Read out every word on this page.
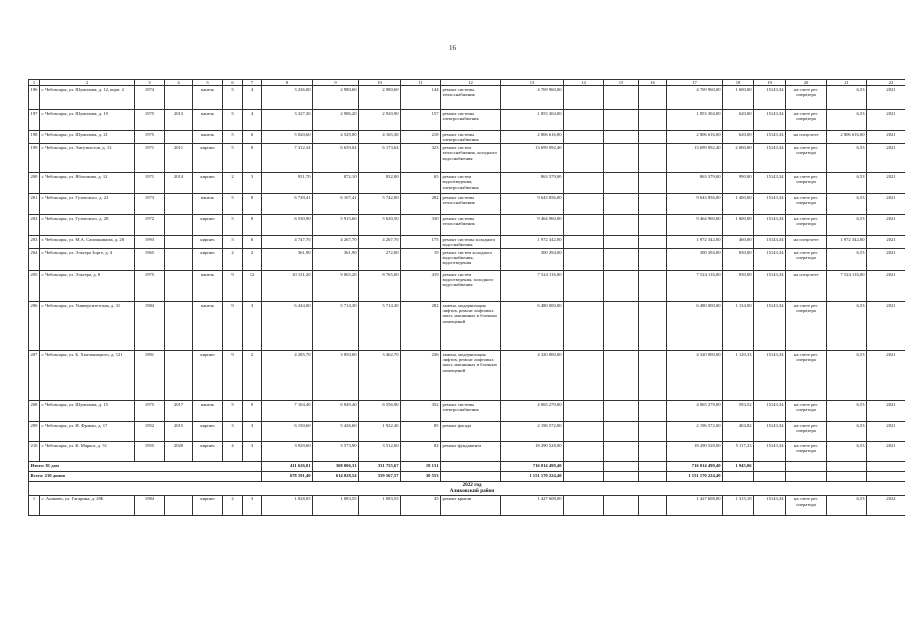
16
1	2	3	4	5	6	7	8	9	10	11	12	13	14	15	16	17	18	19	20	21	22
196	г. Чебоксары, ул. Шумилова, д. 12, корп. 2	1974		панель	5	4	3 236,00	2 980,60	2 980,60	144	ремонт системы теплоснабжения	4 769 960,00				4 769 960,00	1 600,00	15143,34	на счете рег. оператора	6,53	2021
197	г. Чебоксары, ул. Шумилова, д. 19	1975	2013	панель	5	4	3 327,30	2 986,20	2 920,90	157	ремонт системы электроснабжения	1 853 304,00				1 853 304,00	620,00	15143,34	на счете рег. оператора	6,53	2021
198	г. Чебоксары, ул. Шумилова, д. 21	1975		панель	5	6	5 020,60	4 529,00	4 165,30	218	ремонт системы электроснабжения	2 806 616,00				2 806 616,00	620,00	15143,34	на спецсчете	2 806 616,00	2021
199	г. Чебоксары, ул. Энтузиастов, д. 13	1971	2011	кирпич	5	8	7 312,34	6 659,04	6 173,64	323	ремонт систем теплоснабжения, холодного водоснабжения	13 699 092,40				13 699 092,40	2 060,00	15143,34	на счете рег. оператора	6,53	2021
200	г. Чебоксары, ул. Яблочкова, д. 12	1971	2014	кирпич	2	3	951,70	872,10	832,00	65	ремонт систем водоотведения, электроснабжения	863 379,00				863 379,00	990,00	15143,34	на счете рег. оператора	6,53	2021
201	г. Чебоксары, ул. Гузовского, д. 22	1973		панель	5	8	6 739,41	6 107,41	5 742,00	282	ремонт системы теплоснабжения	9 643 856,00				9 643 856,00	1 400,00	15143,34	на счете рег. оператора	6,53	2021
202	г. Чебоксары, ул. Гузовского, д. 28	1972		кирпич	5	8	6 530,90	5 915,60	5 620,50	330	ремонт системы теплоснабжения	9 464 960,00				9 464 960,00	1 600,00	15143,34	на счете рег. оператора	6,53	2021
203	г. Чебоксары, ул. М.А. Сапожникова, д. 28	1993		кирпич	5	6	4 747,70	4 267,70	4 267,70	175	ремонт системы холодного водоснабжения	1 972 342,00				1 972 342,00	460,00	15143,34	на спецсчете	1 972 342,00	2021
204	г. Чебоксары, ул. Эльгера Зорге, д. 4	1965		кирпич	2	2	361,90	361,90	272,00	19	ремонт систем холодного водоснабжения, водоотведения	300 294,00				300 294,00	830,00	15143,34	на счете рег. оператора	6,53	2021
205	г. Чебоксары, ул. Эльгера, д. 8	1975		панель	9	12	10 131,20	9 065,20	8 765,00	419	ремонт систем водоотведения, холодного водоснабжения	7 524 116,00				7 524 116,00	830,00	15143,34	на спецсчете	7 524 116,00	2021
206	г. Чебоксары, ул. Университетская, д. 31	1984		панель	9	3	6 444,00	5 714,30	5 714,30	282	замена, модернизация лифтов, ремонт лифтовых шахт, машинных и блочных помещений	6 480 000,00				6 480 000,00	1 134,00	15143,34	на счете рег. оператора	6,53	2021
207	г. Чебоксары, ул. Б. Хмельницкого, д. 121	1991		кирпич	9	2	4 285,70	3 850,00	3 462,70	236	замена, модернизация лифтов, ремонт лифтовых шахт, машинных и блочных помещений	4 320 000,00				4 320 000,00	1 120,33	15143,34	на счете рег. оператора	6,53	2021
208	г. Чебоксары, ул. Шумилова, д. 15	1975	2017	панель	5	9	7 104,40	6 849,40	6 556,90	352	ремонт системы электроснабжения	4 065 279,00				4 065 279,00	593,52	15143,34	на счете рег. оператора	6,53	2021
209	г. Чебоксары, ул. И. Франко, д. 17	1952	2015	кирпич	3	3	6 150,60	5 426,60	1 922,40	85	ремонт фасада	2 196 572,00				2 196 572,00	404,82	15143,34	на счете рег. оператора	6,53	2021
210	г. Чебоксары, ул. К. Маркса, д. 51	1955	2020	кирпич	4	3	3 929,60	3 573,90	3 512,60	82	ремонт фундамента	18 290 528,00				18 290 528,00	5 117,23	15143,34	на счете рег. оператора	6,53	2021
Итого: 81 дом							411 626,01	368 006,31	331 755,67	19 131		716 014 499,40				716 014 499,40	1 945,06				
Всего: 210 домов							678 191,40	614 028,54	559 567,57	30 553		1 151 170 224,40				1 151 170 224,40					
2022 год																					
Аликовский район																					
1	с. Аликово, ул. Гагарина, д. 29Б	1984		кирпич	2	3	1 828,05	1 083,55	1 083,55	45	ремонт крыши	1 427 608,00				1 427 608,00	1 315,10	15143,34	на счете рег. оператора	6,53	2022
